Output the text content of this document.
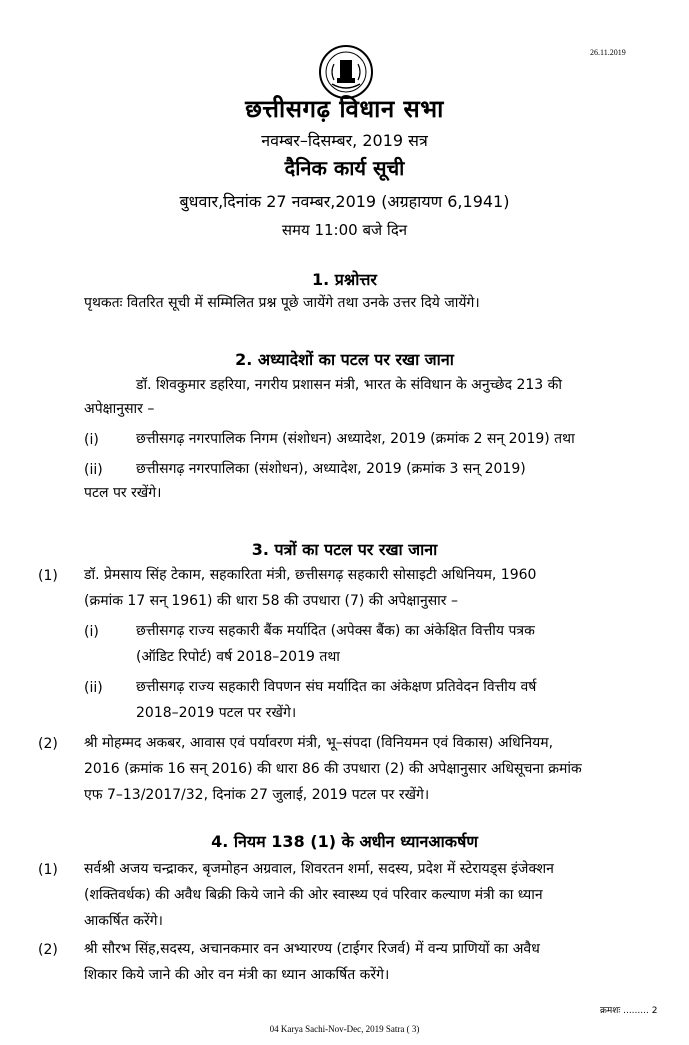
26.11.2019
छत्तीसगढ़ विधान सभा
नवम्बर–दिसम्बर, 2019 सत्र
दैनिक कार्य सूची
बुधवार,दिनांक 27 नवम्बर,2019 (अग्रहायण 6,1941)
समय 11:00 बजे दिन
1. प्रश्नोत्तर
पृथकतः वितरित सूची में सम्मिलित प्रश्न पूछे जायेंगे तथा उनके उत्तर दिये जायेंगे।
2. अध्यादेशों का पटल पर रखा जाना
डॉ. शिवकुमार डहरिया, नगरीय प्रशासन मंत्री, भारत के संविधान के अनुच्छेद 213 की
अपेक्षानुसार –
(i)	छत्तीसगढ़ नगरपालिक निगम (संशोधन) अध्यादेश, 2019 (क्रमांक 2 सन् 2019) तथा
(ii) छत्तीसगढ़ नगरपालिका (संशोधन), अध्यादेश, 2019 (क्रमांक 3 सन् 2019)
पटल पर रखेंगे।
3. पत्रों का पटल पर रखा जाना
(1) डॉ. प्रेमसाय सिंह टेकाम, सहकारिता मंत्री, छत्तीसगढ़ सहकारी सोसाइटी अधिनियम, 1960
(क्रमांक 17 सन् 1961) की धारा 58 की उपधारा (7) की अपेक्षानुसार –
(i)	छत्तीसगढ़ राज्य सहकारी बैंक मर्यादित (अपेक्स बैंक) का अंकेक्षित वित्तीय पत्रक
(ऑडिट रिपोर्ट) वर्ष 2018–2019 तथा
(ii) छत्तीसगढ़ राज्य सहकारी विपणन संघ मर्यादित का अंकेक्षण प्रतिवेदन वित्तीय वर्ष
2018–2019 पटल पर रखेंगे।
(2) श्री मोहम्मद अकबर, आवास एवं पर्यावरण मंत्री, भू–संपदा (विनियमन एवं विकास) अधिनियम,
2016 (क्रमांक 16 सन् 2016) की धारा 86 की उपधारा (2) की अपेक्षानुसार अधिसूचना क्रमांक
एफ 7–13/2017/32, दिनांक 27 जुलाई, 2019 पटल पर रखेंगे।
4. नियम 138 (1) के अधीन ध्यानआकर्षण
(1) सर्वश्री अजय चन्द्राकर, बृजमोहन अग्रवाल, शिवरतन शर्मा, सदस्य, प्रदेश में स्टेरायड्स इंजेक्शन
(शक्तिवर्धक) की अवैध बिक्री किये जाने की ओर स्वास्थ्य एवं परिवार कल्याण मंत्री का ध्यान
आकर्षित करेंगे।
(2) श्री सौरभ सिंह,सदस्य, अचानकमार वन अभ्यारण्य (टाईगर रिजर्व) में वन्य प्राणियों का अवैध
शिकार किये जाने की ओर वन मंत्री का ध्यान आकर्षित करेंगे।
क्रमशः ......... 2
04 Karya Sachi-Nov-Dec, 2019 Satra ( 3)
